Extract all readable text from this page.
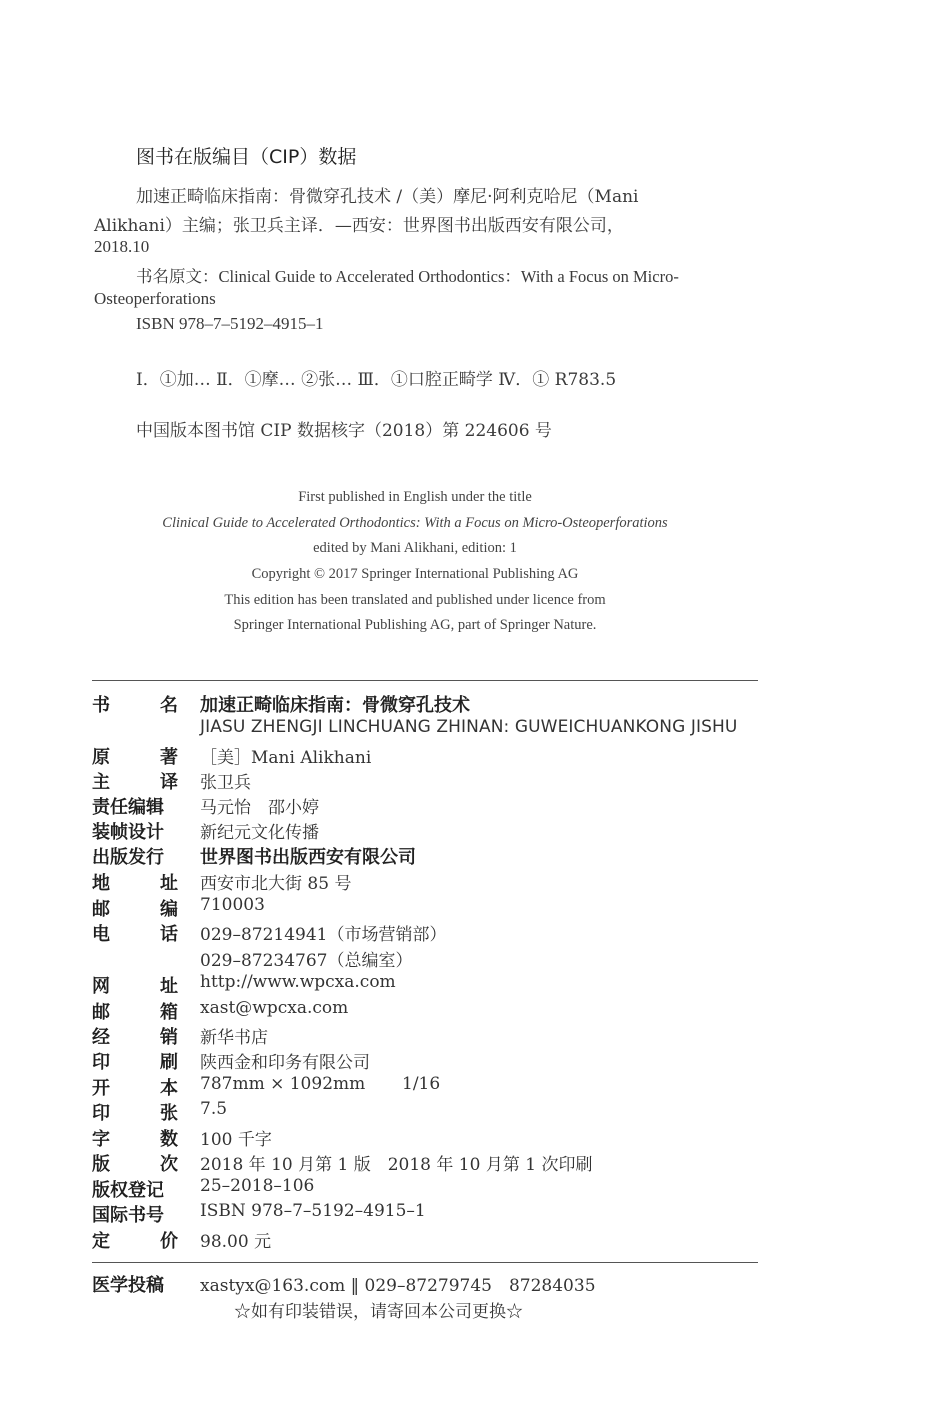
图书在版编目（CIP）数据
加速正畸临床指南：骨微穿孔技术 /（美）摩尼·阿利克哈尼（Mani
Alikhani）主编；张卫兵主译．—西安：世界图书出版西安有限公司，
2018.10
书名原文：Clinical Guide to Accelerated Orthodontics：With a Focus on Micro-
Osteoperforations
ISBN 978–7–5192–4915–1
Ⅰ．①加… Ⅱ．①摩… ②张… Ⅲ．①口腔正畸学 Ⅳ．① R783.5
中国版本图书馆 CIP 数据核字（2018）第 224606 号
First published in English under the title
Clinical Guide to Accelerated Orthodontics: With a Focus on Micro-Osteoperforations
edited by Mani Alikhani, edition: 1
Copyright © 2017 Springer International Publishing AG
This edition has been translated and published under licence from
Springer International Publishing AG, part of Springer Nature.
书	名 加速正畸临床指南：骨微穿孔技术
JIASU ZHENGJI LINCHUANG ZHINAN: GUWEICHUANKONG JISHU
原	著 ［美］Mani Alikhani
主	译 张卫兵
责任编辑	马元怡　邵小婷
装帧设计	新纪元文化传播
出版发行	世界图书出版西安有限公司
地	址 西安市北大街 85 号
邮	编 710003
电	话 029–87214941（市场营销部）
029–87234767（总编室）
网	址 http://www.wpcxa.com
邮	箱 xast@wpcxa.com
经	销 新华书店
印	刷 陕西金和印务有限公司
开	本 787mm × 1092mm 1/16
印	张 7.5
字	数 100 千字
版	次 2018 年 10 月第 1 版　2018 年 10 月第 1 次印刷
版权登记	25–2018–106
国际书号	ISBN 978–7–5192–4915–1
定	价 98.00 元
医学投稿	xastyx@163.com ‖ 029–87279745　87284035
☆如有印装错误，请寄回本公司更换☆
